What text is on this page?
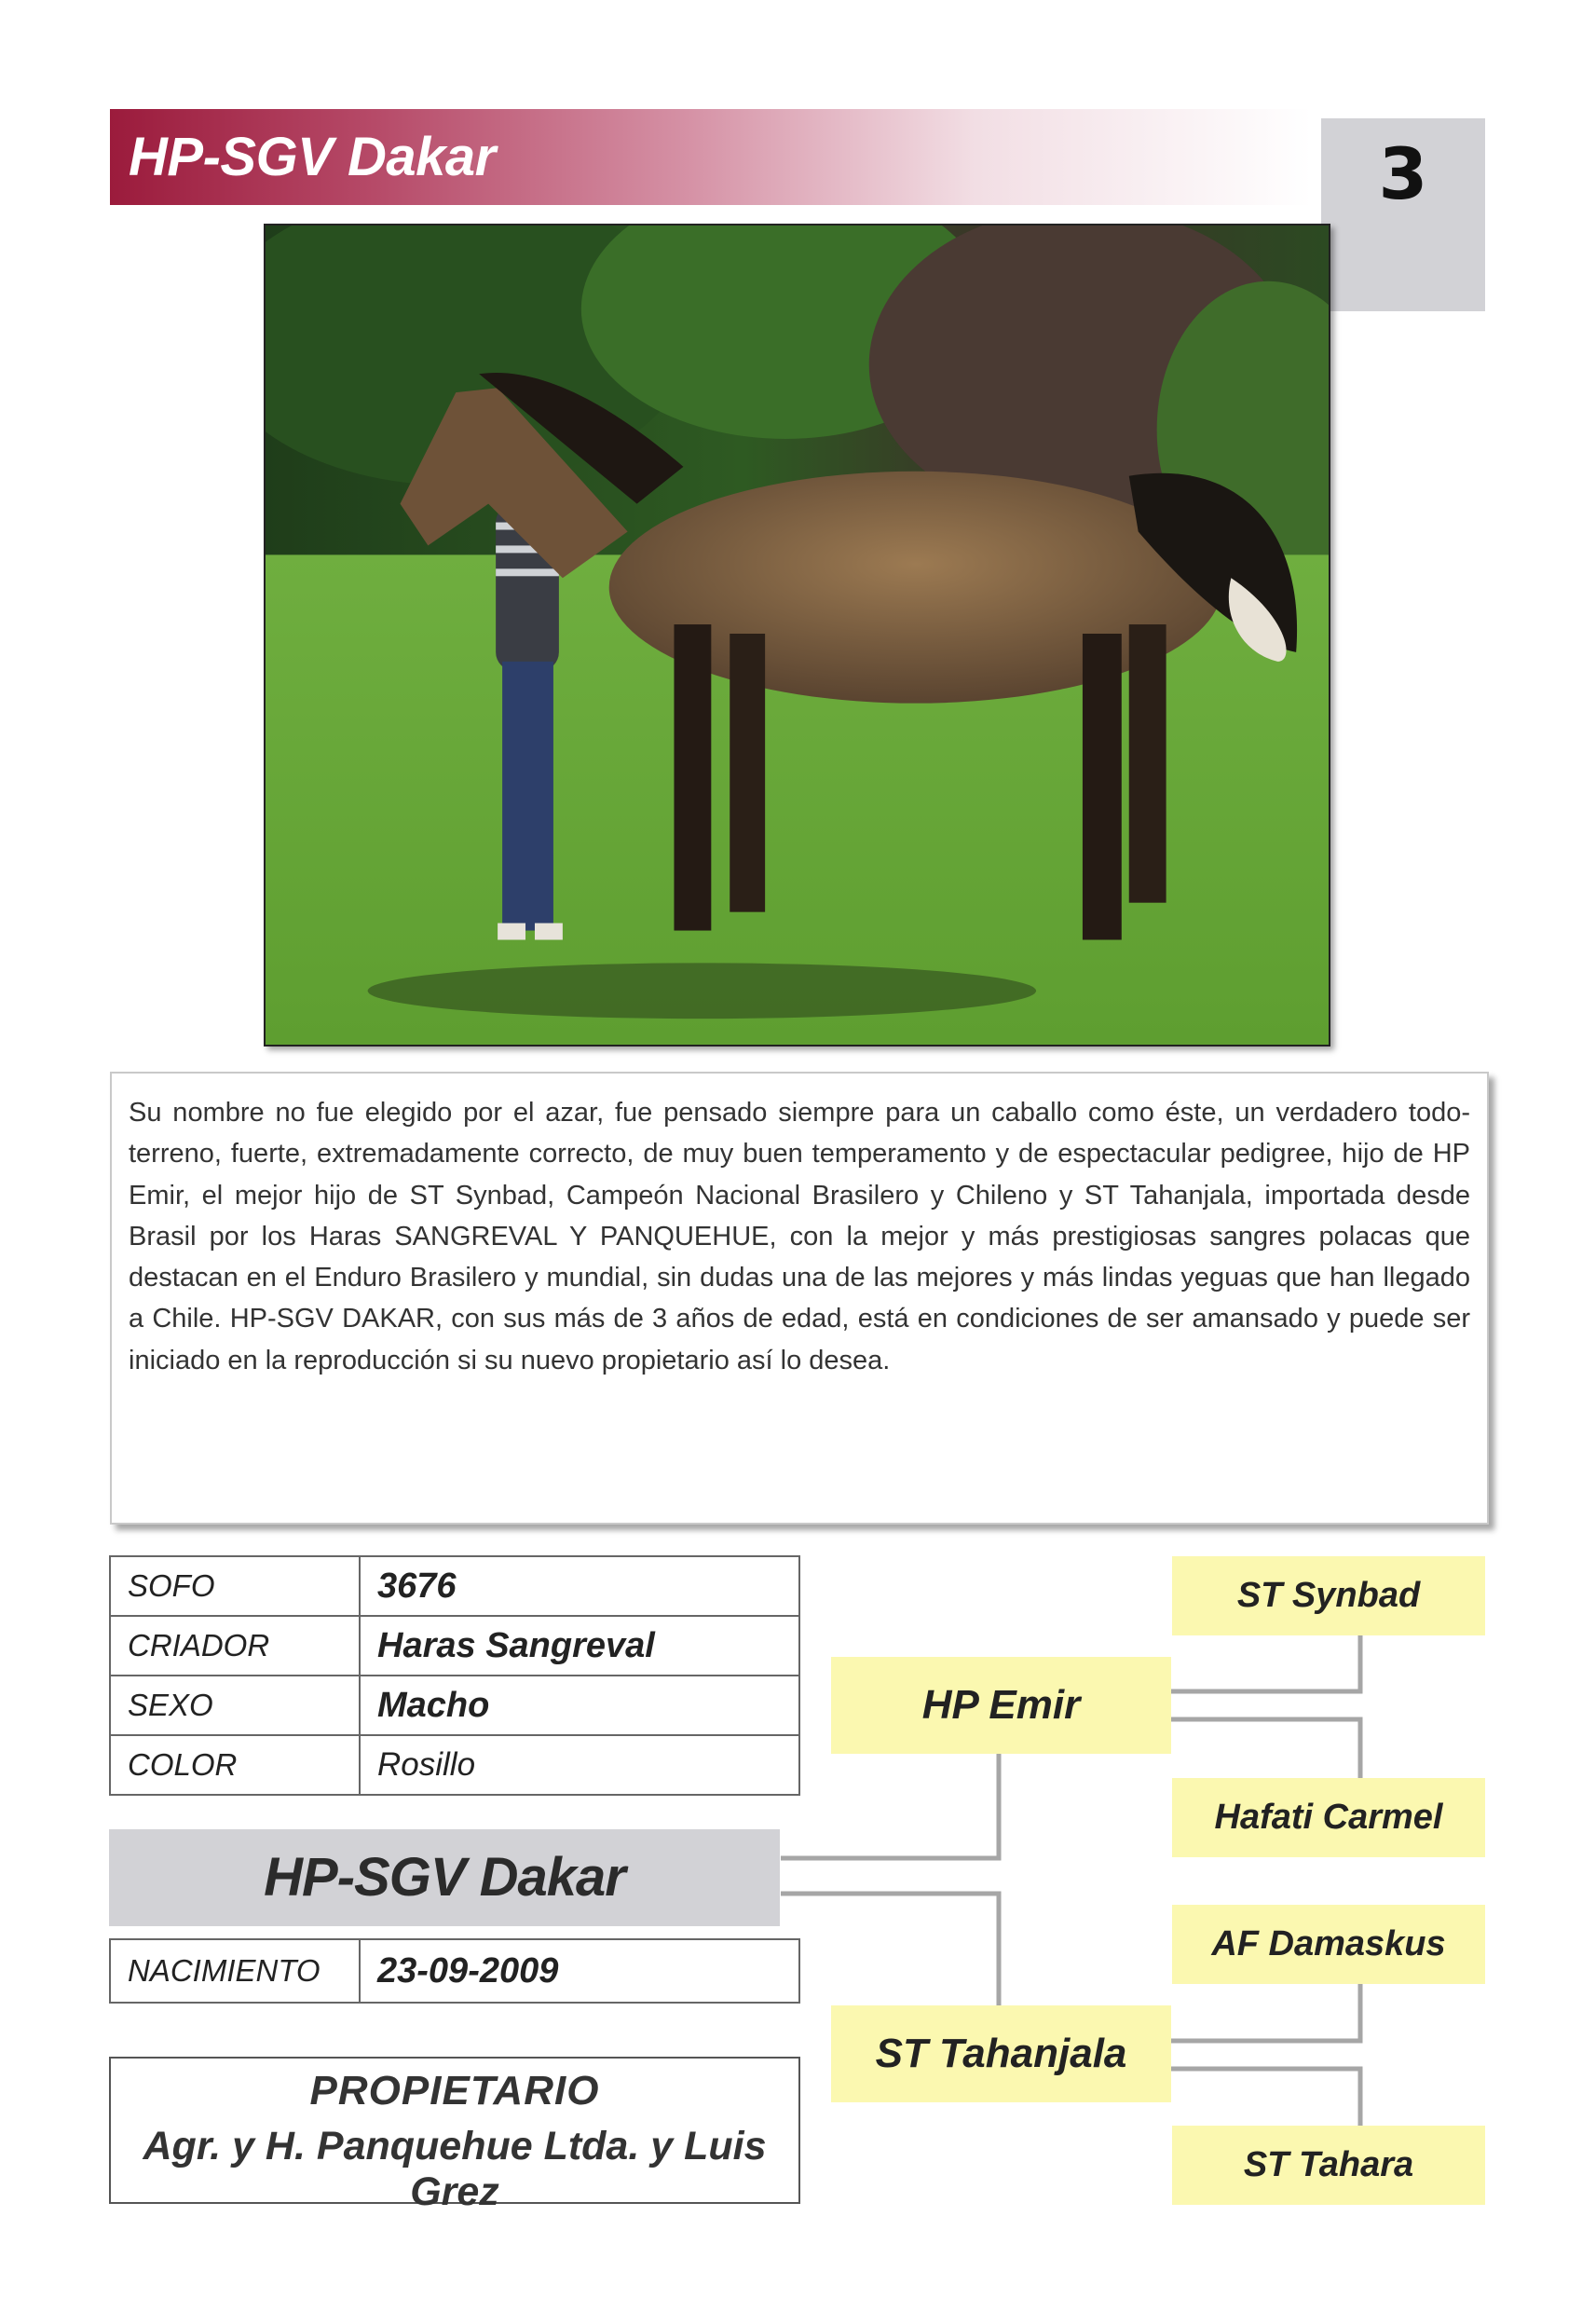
HP-SGV Dakar	3
Su nombre no fue elegido por el azar, fue pensado siempre para un caballo como éste, un verdadero todo-terreno, fuerte, extremadamente correcto, de muy buen temperamento y de espectacular pedigree, hijo de HP Emir, el mejor hijo de ST Synbad, Campeón Nacional Brasilero y Chileno y ST Tahanjala, importada desde Brasil por los Haras SANGREVAL Y PANQUEHUE, con la mejor y más prestigiosas sangres polacas que destacan en el Enduro Brasilero y mundial, sin dudas una de las mejores y más lindas yeguas que han llegado a Chile. HP-SGV DAKAR, con sus más de 3 años de edad, está en condiciones de ser amansado y puede ser iniciado en la reproducción si su nuevo propietario así lo desea.
SOFO	3676
CRIADOR	Haras Sangreval
SEXO	Macho
COLOR	Rosillo
HP-SGV Dakar
NACIMIENTO	23-09-2009
PROPIETARIO
Agr. y H. Panquehue Ltda. y Luis Grez
ST Synbad
HP Emir
Hafati Carmel
AF Damaskus
ST Tahanjala
ST Tahara
